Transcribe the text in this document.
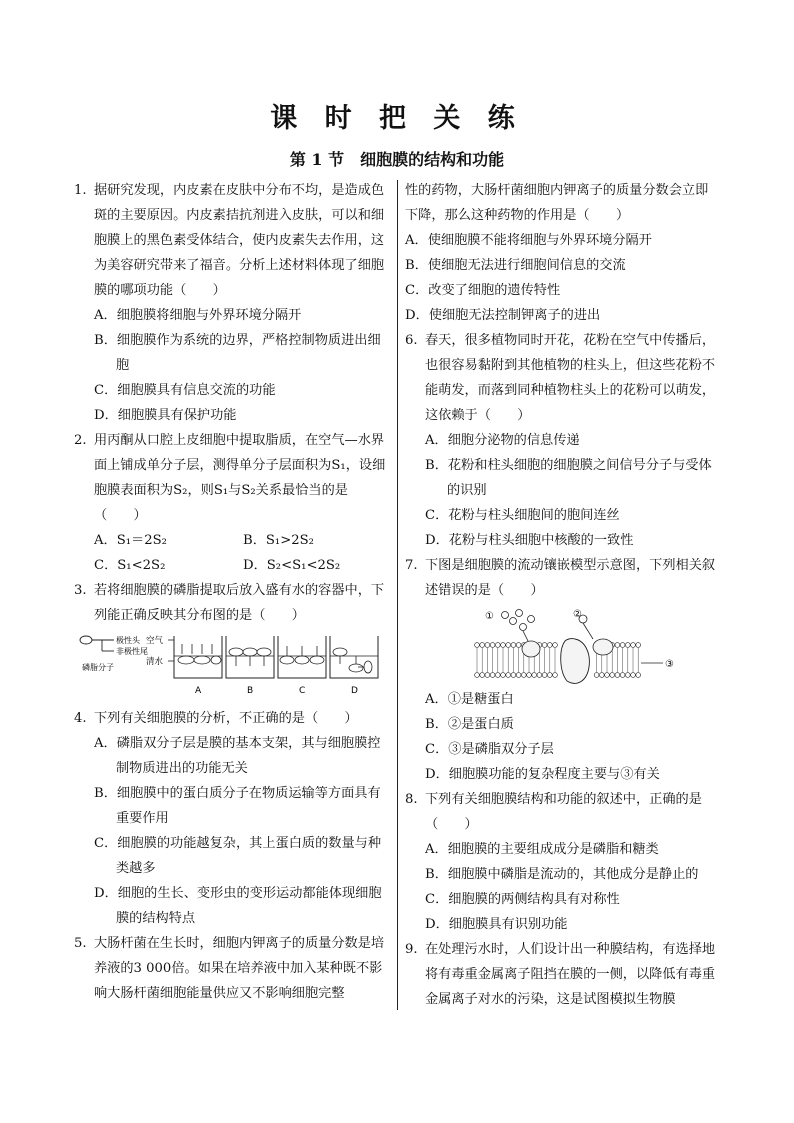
课 时 把 关 练
第 1 节　细胞膜的结构和功能
1. 据研究发现，内皮素在皮肤中分布不均，是造成色斑的主要原因。内皮素拮抗剂进入皮肤，可以和细胞膜上的黑色素受体结合，使内皮素失去作用，这为美容研究带来了福音。分析上述材料体现了细胞膜的哪项功能（　　）
A．细胞膜将细胞与外界环境分隔开
B．细胞膜作为系统的边界，严格控制物质进出细胞
C．细胞膜具有信息交流的功能
D．细胞膜具有保护功能
2. 用丙酮从口腔上皮细胞中提取脂质，在空气—水界面上铺成单分子层，测得单分子层面积为S₁，设细胞膜表面积为S₂，则S₁与S₂关系最恰当的是（　　）
A．S₁＝2S₂	B．S₁>2S₂
C．S₁<2S₂	D．S₂<S₁<2S₂
3. 若将细胞膜的磷脂提取后放入盛有水的容器中，下列能正确反映其分布图的是（　　）
极性头
非极性尾
磷脂分子
空气
清水
A	B	C	D
4. 下列有关细胞膜的分析，不正确的是（　　）
A．磷脂双分子层是膜的基本支架，其与细胞膜控制物质进出的功能无关
B．细胞膜中的蛋白质分子在物质运输等方面具有重要作用
C．细胞膜的功能越复杂，其上蛋白质的数量与种类越多
D．细胞的生长、变形虫的变形运动都能体现细胞膜的结构特点
5. 大肠杆菌在生长时，细胞内钾离子的质量分数是培养液的3 000倍。如果在培养液中加入某种既不影响大肠杆菌细胞能量供应又不影响细胞完整
性的药物，大肠杆菌细胞内钾离子的质量分数会立即下降，那么这种药物的作用是（　　）
A．使细胞膜不能将细胞与外界环境分隔开
B．使细胞无法进行细胞间信息的交流
C．改变了细胞的遗传特性
D．使细胞无法控制钾离子的进出
6. 春天，很多植物同时开花，花粉在空气中传播后，也很容易黏附到其他植物的柱头上，但这些花粉不能萌发，而落到同种植物柱头上的花粉可以萌发，这依赖于（　　）
A．细胞分泌物的信息传递
B．花粉和柱头细胞的细胞膜之间信号分子与受体的识别
C．花粉与柱头细胞间的胞间连丝
D．花粉与柱头细胞中核酸的一致性
7. 下图是细胞膜的流动镶嵌模型示意图，下列相关叙述错误的是（　　）
①	②
③
A．①是糖蛋白
B．②是蛋白质
C．③是磷脂双分子层
D．细胞膜功能的复杂程度主要与③有关
8. 下列有关细胞膜结构和功能的叙述中，正确的是（　　）
A．细胞膜的主要组成成分是磷脂和糖类
B．细胞膜中磷脂是流动的，其他成分是静止的
C．细胞膜的两侧结构具有对称性
D．细胞膜具有识别功能
9. 在处理污水时，人们设计出一种膜结构，有选择地将有毒重金属离子阻挡在膜的一侧，以降低有毒重金属离子对水的污染，这是试图模拟生物膜
